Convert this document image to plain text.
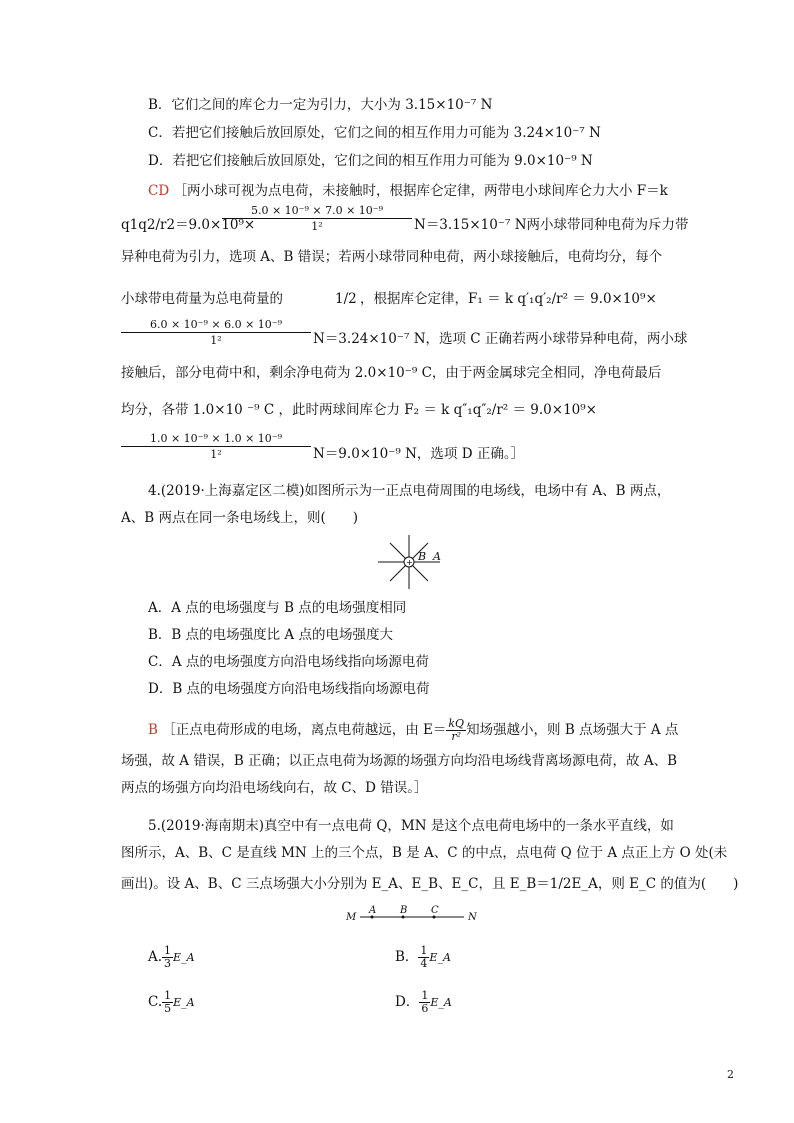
B．它们之间的库仑力一定为引力，大小为 3.15×10⁻⁷ N
C．若把它们接触后放回原处，它们之间的相互作用力可能为 3.24×10⁻⁷ N
D．若把它们接触后放回原处，它们之间的相互作用力可能为 9.0×10⁻⁹ N
CD ［两小球可视为点电荷，未接触时，根据库仑定律，两带电小球间库仑力大小 F＝k
q1q2/r2＝9.0×10⁹×
$\frac{\text{5.0 × 10⁻⁹ × 7.0 × 10⁻⁹}}{\text{1²}} N=3.15\times 10^{-7}$ N两小球带同种电荷为斥力带
异种电荷为引力，选项 A、B 错误；若两小球带同种电荷，两小球接触后，电荷均分，每个
小球带电荷量为总电荷量的	1/2 ，根据库仑定律，F₁ ＝ k q′₁q′₂/r² ＝ 9.0×10⁹×
$\frac{\text{6.0 × 10⁻⁹ × 6.0 × 10⁻⁹}}{\text{1²}} N=3.24\times 10^{-7}$ N，选项 C 正确若两小球带异种电荷，两小球
接触后，部分电荷中和，剩余净电荷为 2.0×10⁻⁹ C，由于两金属球完全相同，净电荷最后
均分，各带 1.0×10 ⁻⁹ C ，此时两球间库仑力 F₂ ＝ k q″₁q″₂/r² ＝ 9.0×10⁹×
$\frac{\text{1.0 × 10⁻⁹ × 1.0 × 10⁻⁹}}{\text{1²}} N=9.0\times 10^{-9}$ N，选项 D 正确。］
4.(2019·上海嘉定区二模)如图所示为一正点电荷周围的电场线，电场中有 A、B 两点，
A、B 两点在同一条电场线上，则(　　)
+ B A
A．A 点的电场强度与 B 点的电场强度相同
B．B 点的电场强度比 A 点的电场强度大
C．A 点的电场强度方向沿电场线指向场源电荷
D．B 点的电场强度方向沿电场线指向场源电荷
B ［正点电荷形成的电场，离点电荷越远，由 $E= \frac{kQ}{\text{r²}}$ 知场强越小，则 B 点场强大于 A 点
场强，故 A 错误，B 正确；以正点电荷为场源的场强方向均沿电场线背离场源电荷，故 A、B
两点的场强方向均沿电场线向右，故 C、D 错误。］
5.(2019·海南期末)真空中有一点电荷 Q，MN 是这个点电荷电场中的一条水平直线，如
图所示，A、B、C 是直线 MN 上的三个点，B 是 A、C 的中点，点电荷 Q 位于 A 点正上方 O 处(未
画出)。设 A、B、C 三点场强大小分别为 E_A、E_B、E_C，且 E_B＝1/2E_A，则 E_C 的值为(　　)
M
A B C
N
A. $\frac{1}{3}$ E_A	B． $\frac{1}{4}$ E_A
C. $\frac{1}{5}$ E_A	D． $\frac{1}{6}$ E_A
2
